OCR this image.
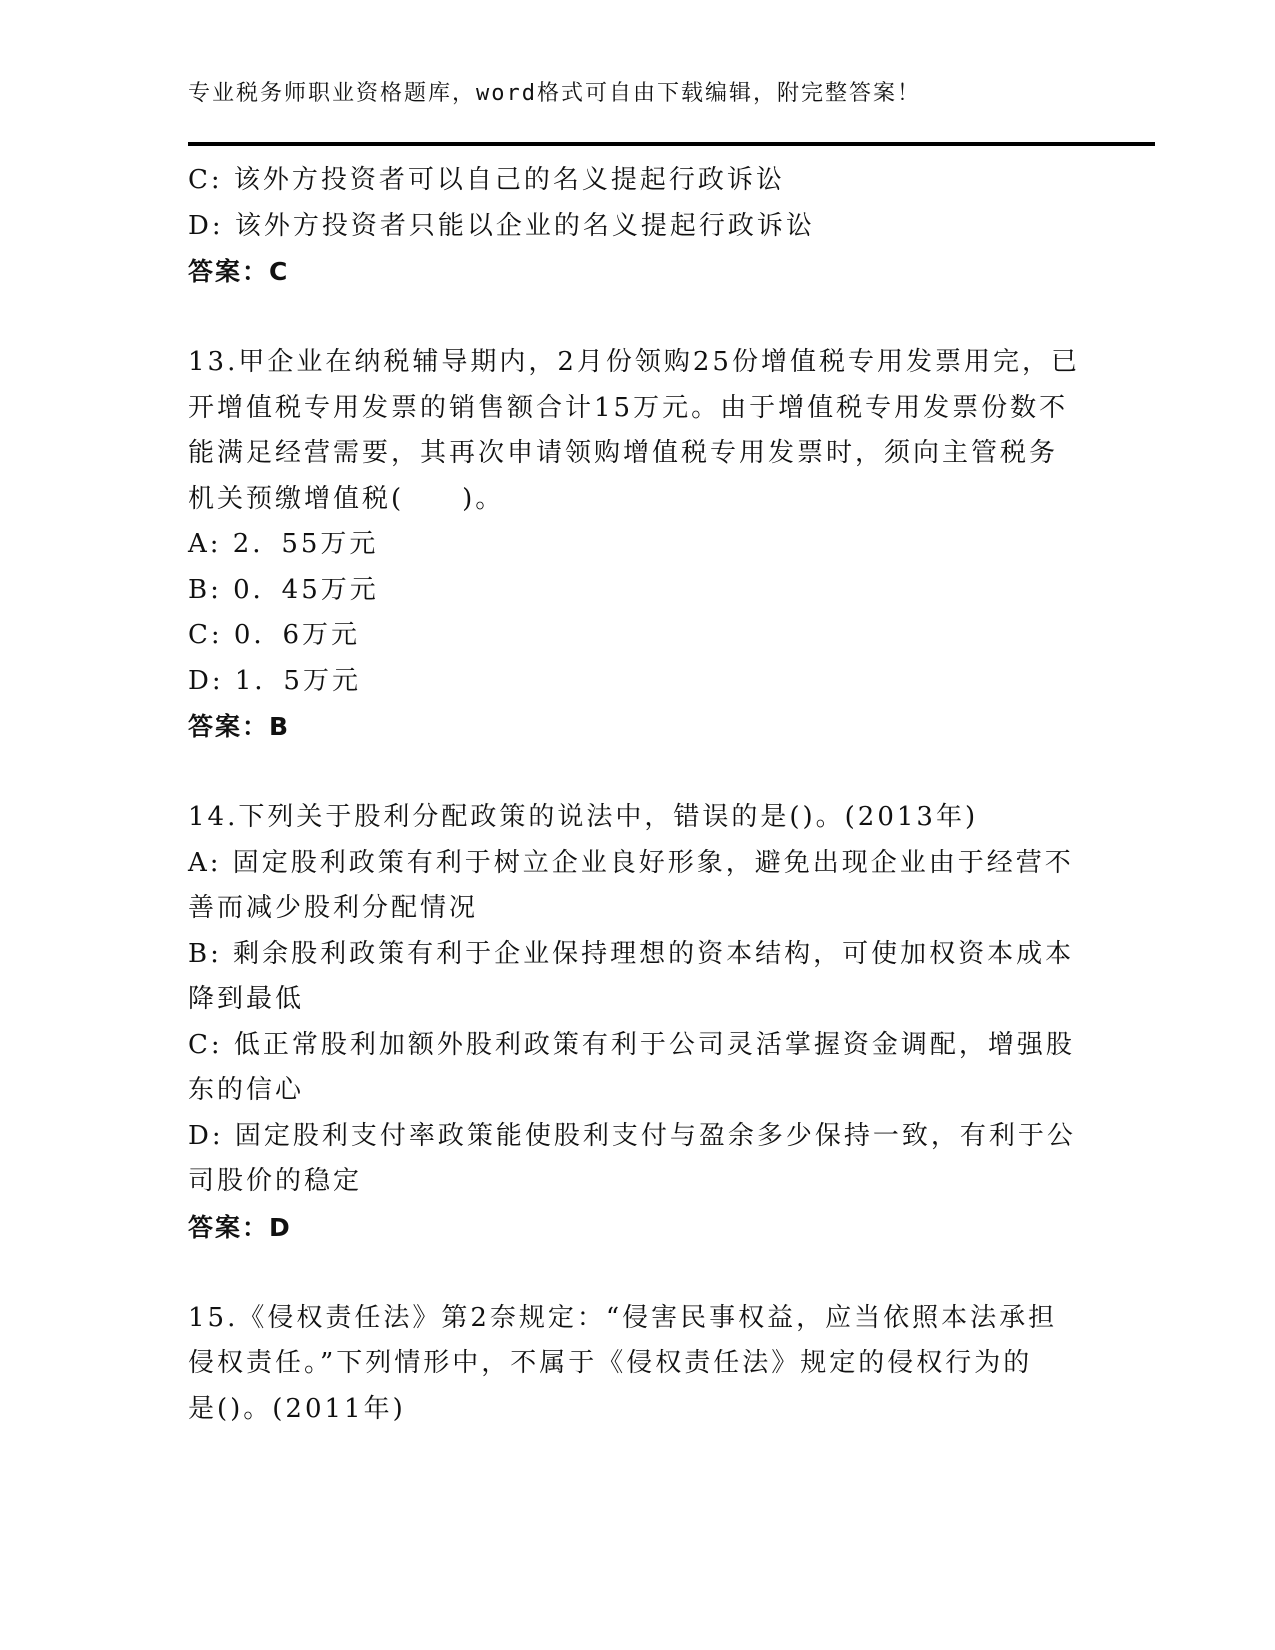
专业税务师职业资格题库，word格式可自由下载编辑，附完整答案！
C: 该外方投资者可以自己的名义提起行政诉讼
D: 该外方投资者只能以企业的名义提起行政诉讼
答案：C
13.甲企业在纳税辅导期内，2月份领购25份增值税专用发票用完，已
开增值税专用发票的销售额合计15万元。由于增值税专用发票份数不
能满足经营需要，其再次申请领购增值税专用发票时，须向主管税务
机关预缴增值税(　　)。
A: 2．55万元
B: 0．45万元
C: 0．6万元
D: 1．5万元
答案：B
14.下列关于股利分配政策的说法中，错误的是()。(2013年)
A: 固定股利政策有利于树立企业良好形象，避免出现企业由于经营不
善而减少股利分配情况
B: 剩余股利政策有利于企业保持理想的资本结构，可使加权资本成本
降到最低
C: 低正常股利加额外股利政策有利于公司灵活掌握资金调配，增强股
东的信心
D: 固定股利支付率政策能使股利支付与盈余多少保持一致，有利于公
司股价的稳定
答案：D
15.《侵权责任法》第2奈规定：“侵害民事权益，应当依照本法承担
侵权责任。”下列情形中，不属于《侵权责任法》规定的侵权行为的
是()。(2011年)
